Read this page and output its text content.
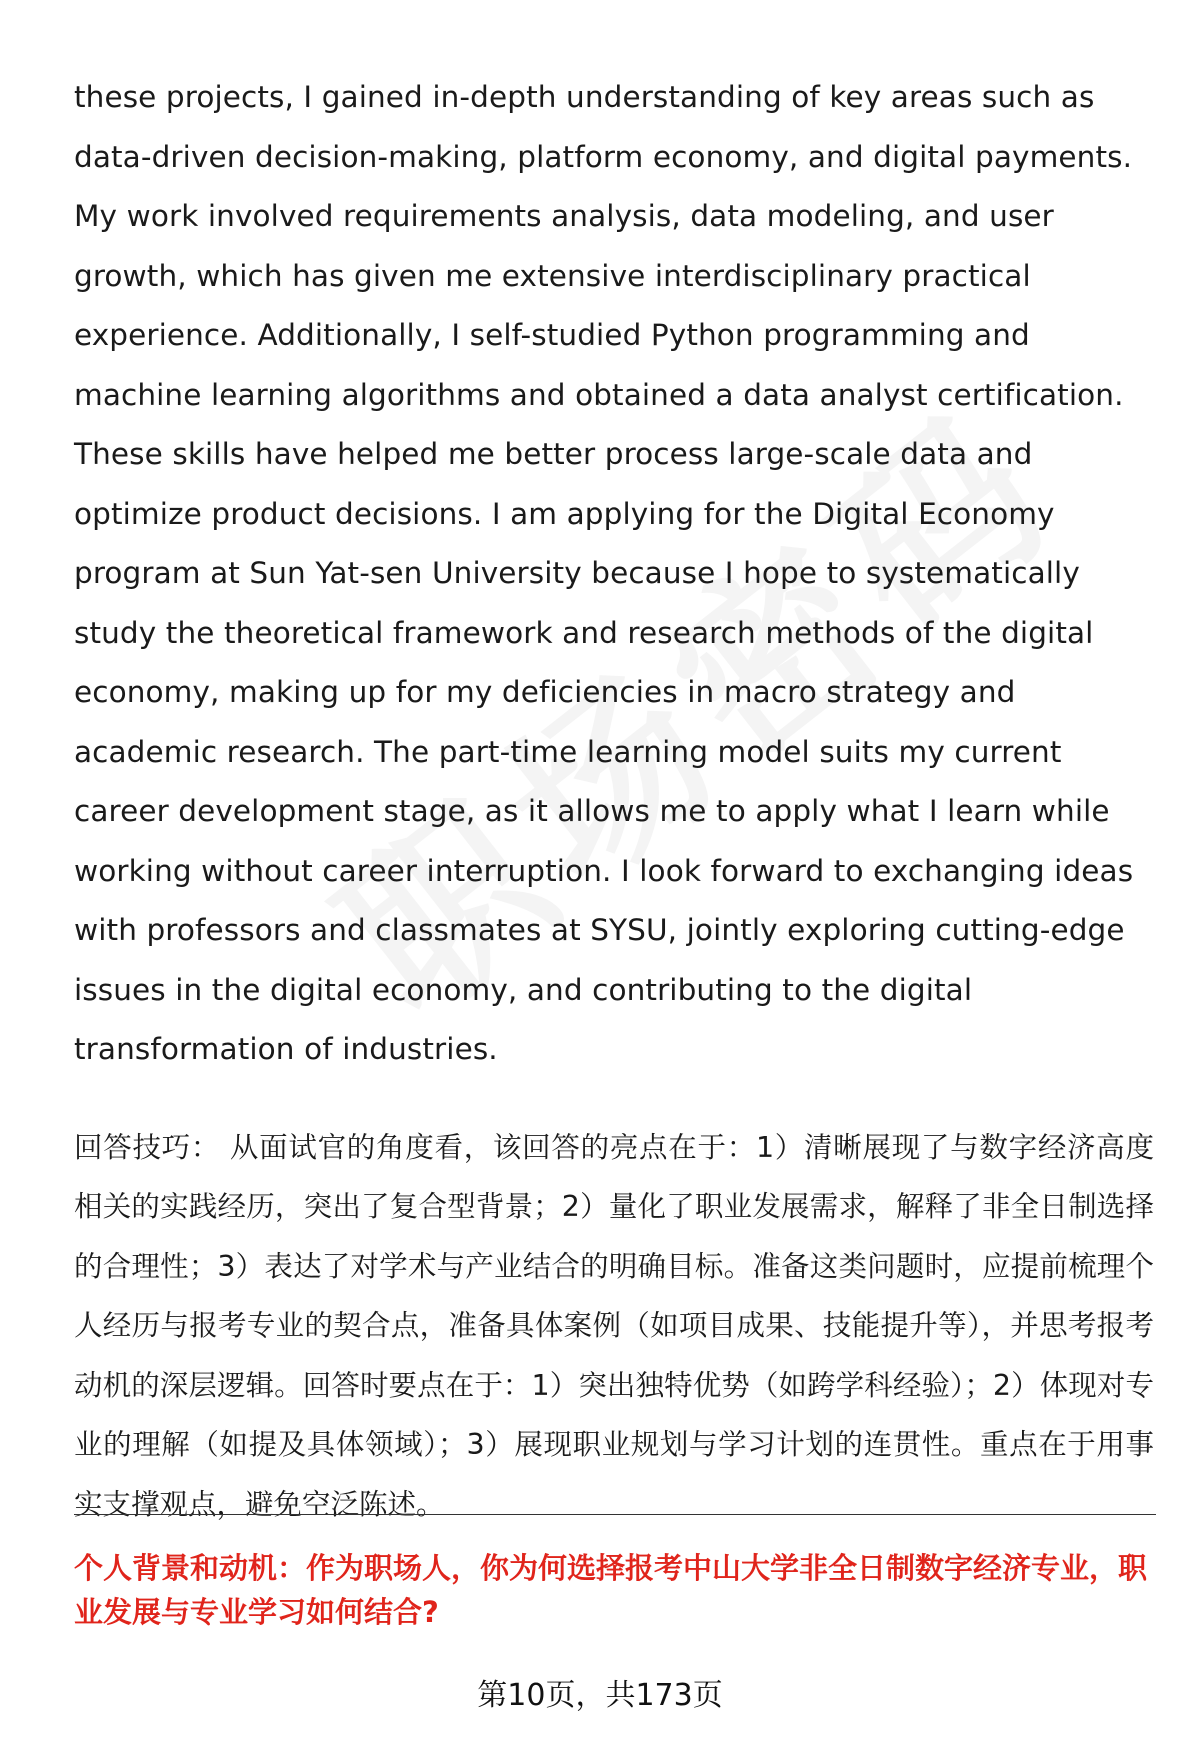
these projects, I gained in-depth understanding of key areas such as data-driven decision-making, platform economy, and digital payments. My work involved requirements analysis, data modeling, and user growth, which has given me extensive interdisciplinary practical experience. Additionally, I self-studied Python programming and machine learning algorithms and obtained a data analyst certification. These skills have helped me better process large-scale data and optimize product decisions. I am applying for the Digital Economy program at Sun Yat-sen University because I hope to systematically study the theoretical framework and research methods of the digital economy, making up for my deficiencies in macro strategy and academic research. The part-time learning model suits my current career development stage, as it allows me to apply what I learn while working without career interruption. I look forward to exchanging ideas with professors and classmates at SYSU, jointly exploring cutting-edge issues in the digital economy, and contributing to the digital transformation of industries.

回答技巧： 从面试官的角度看，该回答的亮点在于：1）清晰展现了与数字经济高度相关的实践经历，突出了复合型背景；2）量化了职业发展需求，解释了非全日制选择的合理性；3）表达了对学术与产业结合的明确目标。准备这类问题时，应提前梳理个人经历与报考专业的契合点，准备具体案例（如项目成果、技能提升等），并思考报考动机的深层逻辑。回答时要点在于：1）突出独特优势（如跨学科经验）；2）体现对专业的理解（如提及具体领域）；3）展现职业规划与学习计划的连贯性。重点在于用事实支撑观点，避免空泛陈述。

个人背景和动机：作为职场人，你为何选择报考中山大学非全日制数字经济专业，职业发展与专业学习如何结合?

第10页，共173页
